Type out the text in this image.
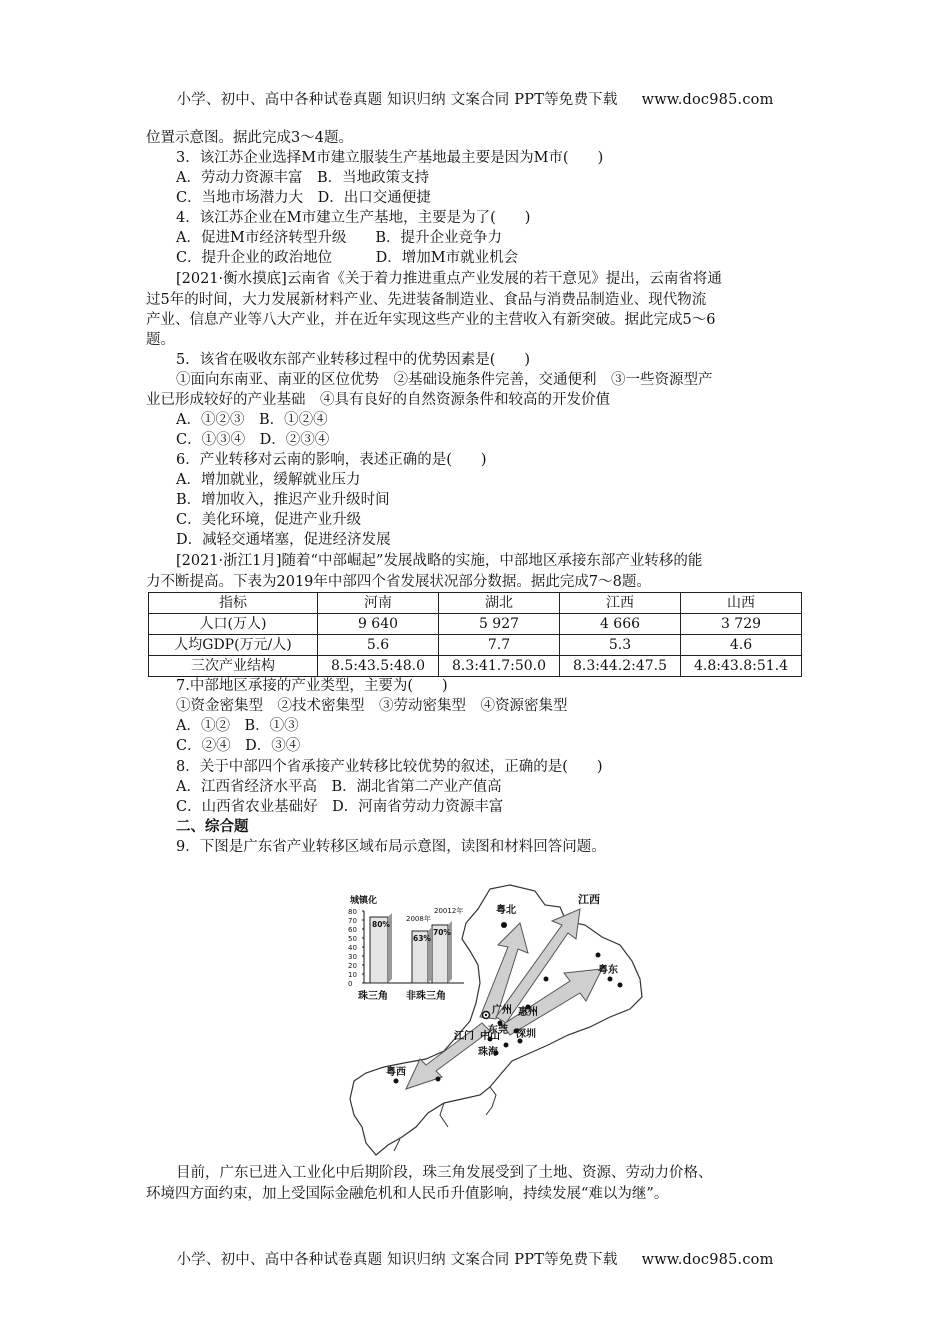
小学、初中、高中各种试卷真题 知识归纳 文案合同 PPT等免费下载 www.doc985.com
位置示意图。据此完成3～4题。
3．该江苏企业选择M市建立服装生产基地最主要是因为M市(　　)
A．劳动力资源丰富　B．当地政策支持
C．当地市场潜力大　D．出口交通便捷
4．该江苏企业在M市建立生产基地，主要是为了(　　)
A．促进M市经济转型升级　　B．提升企业竞争力
C．提升企业的政治地位　　　D．增加M市就业机会
[2021·衡水摸底]云南省《关于着力推进重点产业发展的若干意见》提出，云南省将通
过5年的时间，大力发展新材料产业、先进装备制造业、食品与消费品制造业、现代物流
产业、信息产业等八大产业，并在近年实现这些产业的主营收入有新突破。据此完成5～6
题。
5．该省在吸收东部产业转移过程中的优势因素是(　　)
①面向东南亚、南亚的区位优势　②基础设施条件完善，交通便利　③一些资源型产
业已形成较好的产业基础　④具有良好的自然资源条件和较高的开发价值
A．①②③　B．①②④
C．①③④　D．②③④
6．产业转移对云南的影响，表述正确的是(　　)
A．增加就业，缓解就业压力
B．增加收入，推迟产业升级时间
C．美化环境，促进产业升级
D．减轻交通堵塞，促进经济发展
[2021·浙江1月]随着“中部崛起”发展战略的实施，中部地区承接东部产业转移的能
力不断提高。下表为2019年中部四个省发展状况部分数据。据此完成7～8题。
指标	河南	湖北	江西	山西
人口(万人)	9 640	5 927	4 666	3 729
人均GDP(万元/人)	5.6	7.7	5.3	4.6
三次产业结构	8.5:43.5:48.0	8.3:41.7:50.0	8.3:44.2:47.5	4.8:43.8:51.4
7.中部地区承接的产业类型，主要为(　　)
①资金密集型　②技术密集型　③劳动密集型　④资源密集型
A．①②　B．①③
C．②④　D．③④
8．关于中部四个省承接产业转移比较优势的叙述，正确的是(　　)
A．江西省经济水平高　B．湖北省第二产业产值高
C．山西省农业基础好　D．河南省劳动力资源丰富
二、综合题
9．下图是广东省产业转移区域布局示意图，读图和材料回答问题。
江西
粤北
粤东
广州 惠州
东莞 深圳
江门 中山
珠海
粤西
城镇化
80
70
60
50
40
30
20
10
0
80%
63%
70%
2008年
20012年
珠三角 非珠三角
目前，广东已进入工业化中后期阶段，珠三角发展受到了土地、资源、劳动力价格、
环境四方面约束，加上受国际金融危机和人民币升值影响，持续发展“难以为继”。
小学、初中、高中各种试卷真题 知识归纳 文案合同 PPT等免费下载 www.doc985.com
